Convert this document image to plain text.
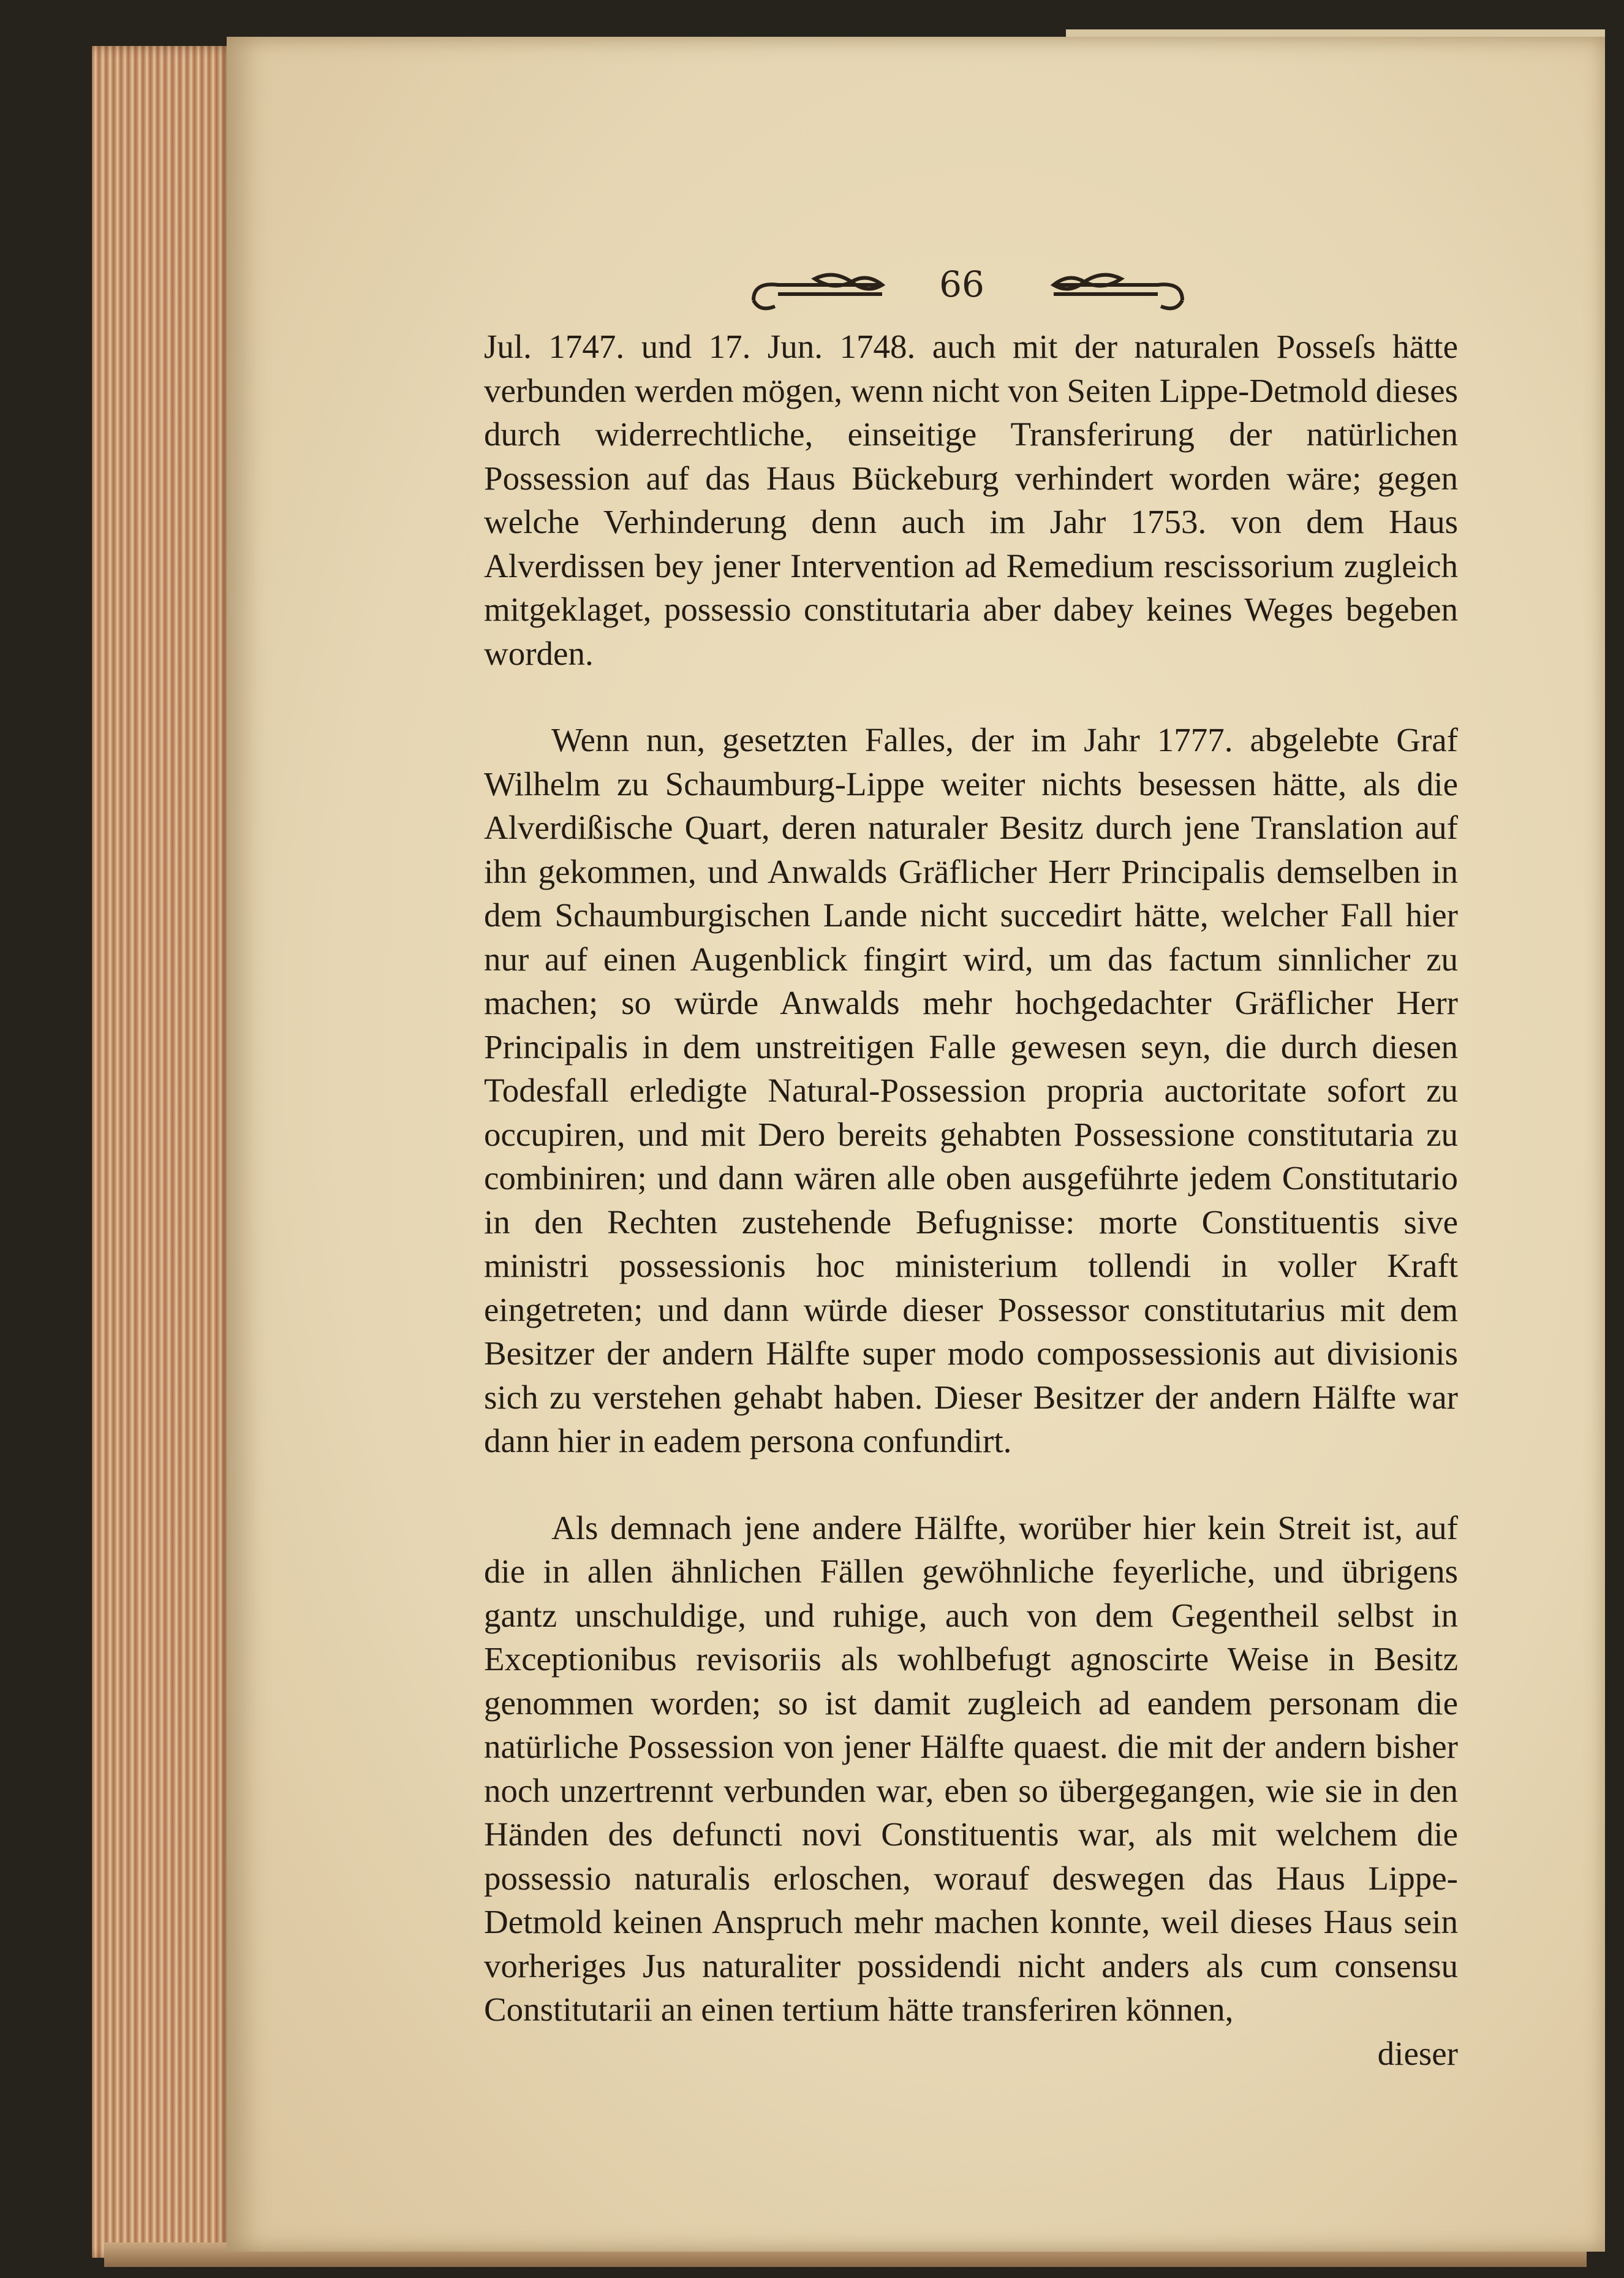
66

Jul. 1747. und 17. Jun. 1748. auch mit der naturalen Posseſs hätte verbunden werden mögen, wenn nicht von Seiten Lippe-Detmold dieses durch widerrechtliche, einseitige Transferirung der natürlichen Possession auf das Haus Bückeburg verhindert worden wäre; gegen welche Verhinderung denn auch im Jahr 1753. von dem Haus Alverdissen bey jener Intervention ad Remedium rescissorium zugleich mitgeklaget, possessio constitutaria aber dabey keines Weges begeben worden.

Wenn nun, gesetzten Falles, der im Jahr 1777. abgelebte Graf Wilhelm zu Schaumburg-Lippe weiter nichts besessen hätte, als die Alverdißische Quart, deren naturaler Besitz durch jene Translation auf ihn gekommen, und Anwalds Gräflicher Herr Principalis demselben in dem Schaumburgischen Lande nicht succedirt hätte, welcher Fall hier nur auf einen Augenblick fingirt wird, um das factum sinnlicher zu machen; so würde Anwalds mehr hochgedachter Gräflicher Herr Principalis in dem unstreitigen Falle gewesen seyn, die durch diesen Todesfall erledigte Natural-Possession propria auctoritate sofort zu occupiren, und mit Dero bereits gehabten Possessione constitutaria zu combiniren; und dann wären alle oben ausgeführte jedem Constitutario in den Rechten zustehende Befugnisse: morte Constituentis sive ministri possessionis hoc ministerium tollendi in voller Kraft eingetreten; und dann würde dieser Possessor constitutarius mit dem Besitzer der andern Hälfte super modo compossessionis aut divisionis sich zu verstehen gehabt haben. Dieser Besitzer der andern Hälfte war dann hier in eadem persona confundirt.

Als demnach jene andere Hälfte, worüber hier kein Streit ist, auf die in allen ähnlichen Fällen gewöhnliche feyerliche, und übrigens gantz unschuldige, und ruhige, auch von dem Gegentheil selbst in Exceptionibus revisoriis als wohlbefugt agnoscirte Weise in Besitz genommen worden; so ist damit zugleich ad eandem personam die natürliche Possession von jener Hälfte quaest. die mit der andern bisher noch unzertrennt verbunden war, eben so übergegangen, wie sie in den Händen des defuncti novi Constituentis war, als mit welchem die possessio naturalis erloschen, worauf deswegen das Haus Lippe-Detmold keinen Anspruch mehr machen konnte, weil dieses Haus sein vorheriges Jus naturaliter possidendi nicht anders als cum consensu Constitutarii an einen tertium hätte transferiren können,

dieser
